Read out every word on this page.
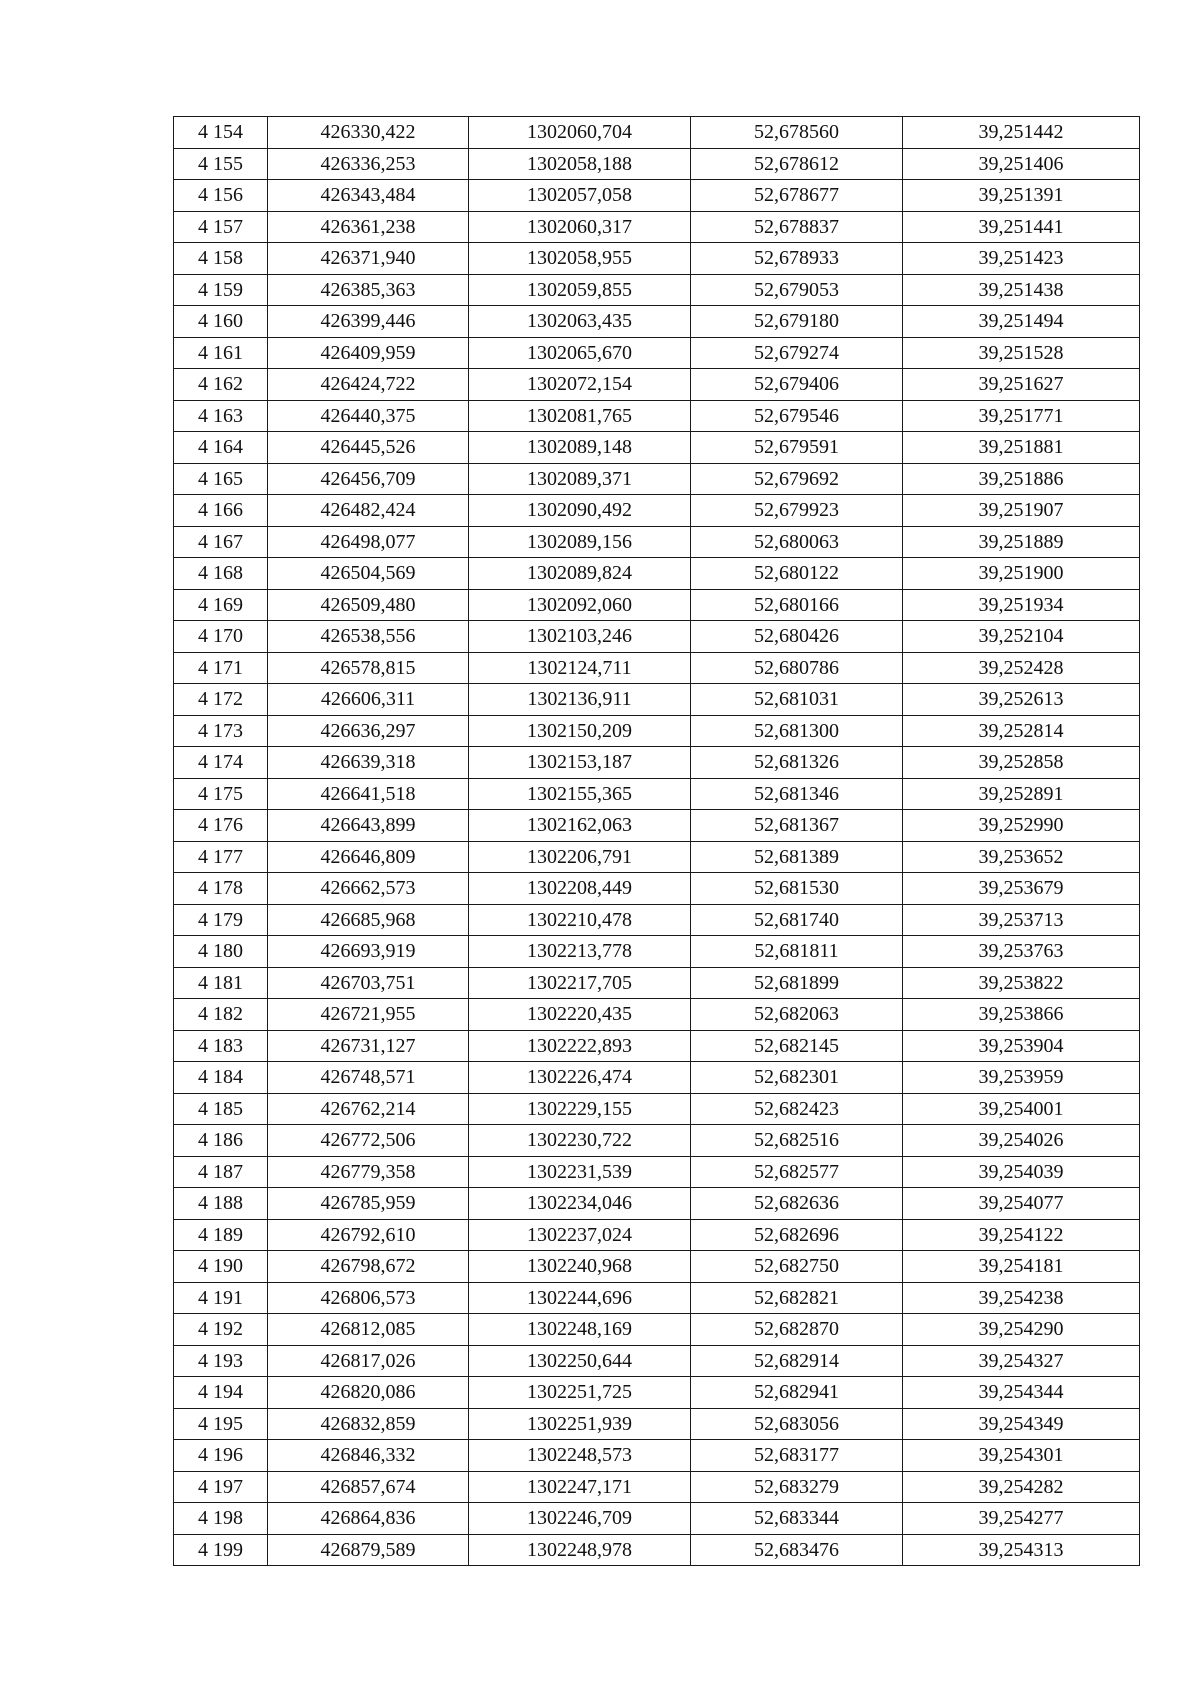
4 154	426330,422	1302060,704	52,678560	39,251442
4 155	426336,253	1302058,188	52,678612	39,251406
4 156	426343,484	1302057,058	52,678677	39,251391
4 157	426361,238	1302060,317	52,678837	39,251441
4 158	426371,940	1302058,955	52,678933	39,251423
4 159	426385,363	1302059,855	52,679053	39,251438
4 160	426399,446	1302063,435	52,679180	39,251494
4 161	426409,959	1302065,670	52,679274	39,251528
4 162	426424,722	1302072,154	52,679406	39,251627
4 163	426440,375	1302081,765	52,679546	39,251771
4 164	426445,526	1302089,148	52,679591	39,251881
4 165	426456,709	1302089,371	52,679692	39,251886
4 166	426482,424	1302090,492	52,679923	39,251907
4 167	426498,077	1302089,156	52,680063	39,251889
4 168	426504,569	1302089,824	52,680122	39,251900
4 169	426509,480	1302092,060	52,680166	39,251934
4 170	426538,556	1302103,246	52,680426	39,252104
4 171	426578,815	1302124,711	52,680786	39,252428
4 172	426606,311	1302136,911	52,681031	39,252613
4 173	426636,297	1302150,209	52,681300	39,252814
4 174	426639,318	1302153,187	52,681326	39,252858
4 175	426641,518	1302155,365	52,681346	39,252891
4 176	426643,899	1302162,063	52,681367	39,252990
4 177	426646,809	1302206,791	52,681389	39,253652
4 178	426662,573	1302208,449	52,681530	39,253679
4 179	426685,968	1302210,478	52,681740	39,253713
4 180	426693,919	1302213,778	52,681811	39,253763
4 181	426703,751	1302217,705	52,681899	39,253822
4 182	426721,955	1302220,435	52,682063	39,253866
4 183	426731,127	1302222,893	52,682145	39,253904
4 184	426748,571	1302226,474	52,682301	39,253959
4 185	426762,214	1302229,155	52,682423	39,254001
4 186	426772,506	1302230,722	52,682516	39,254026
4 187	426779,358	1302231,539	52,682577	39,254039
4 188	426785,959	1302234,046	52,682636	39,254077
4 189	426792,610	1302237,024	52,682696	39,254122
4 190	426798,672	1302240,968	52,682750	39,254181
4 191	426806,573	1302244,696	52,682821	39,254238
4 192	426812,085	1302248,169	52,682870	39,254290
4 193	426817,026	1302250,644	52,682914	39,254327
4 194	426820,086	1302251,725	52,682941	39,254344
4 195	426832,859	1302251,939	52,683056	39,254349
4 196	426846,332	1302248,573	52,683177	39,254301
4 197	426857,674	1302247,171	52,683279	39,254282
4 198	426864,836	1302246,709	52,683344	39,254277
4 199	426879,589	1302248,978	52,683476	39,254313
